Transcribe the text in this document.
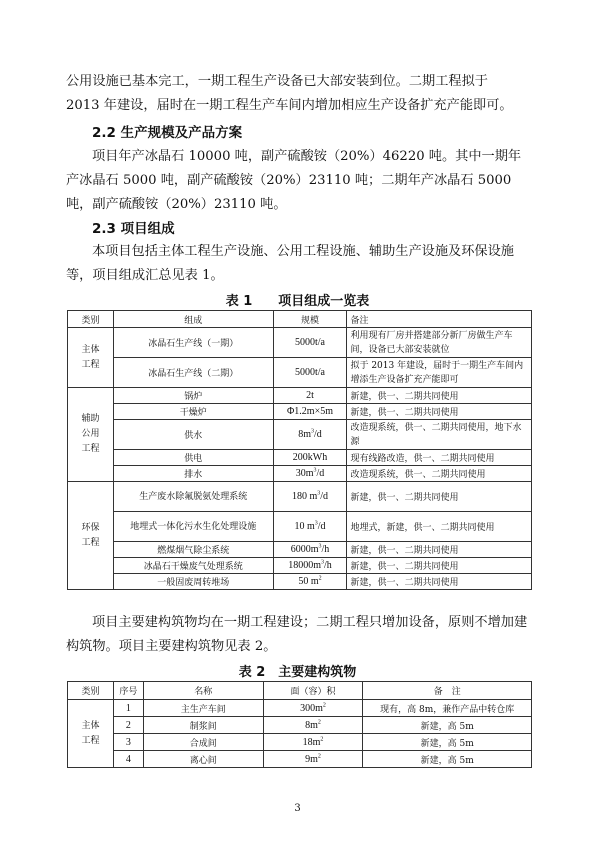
公用设施已基本完工，一期工程生产设备已大部安装到位。二期工程拟于

2013 年建设，届时在一期工程生产车间内增加相应生产设备扩充产能即可。

2.2 生产规模及产品方案

项目年产冰晶石 10000 吨，副产硫酸铵（20%）46220 吨。其中一期年产冰晶石 5000 吨，副产硫酸铵（20%）23110 吨；二期年产冰晶石 5000 吨，副产硫酸铵（20%）23110 吨。

2.3 项目组成

本项目包括主体工程生产设施、公用工程设施、辅助生产设施及环保设施等，项目组成汇总见表 1。

表 1　　项目组成一览表
类别	组成	规模	备注
主体工程	冰晶石生产线（一期）	5000t/a	利用现有厂房并搭建部分新厂房做生产车间，设备已大部安装就位
	冰晶石生产线（二期）	5000t/a	拟于 2013 年建设，届时于一期生产车间内增添生产设备扩充产能即可
辅助公用工程	锅炉	2t	新建，供一、二期共同使用
	干燥炉	Φ1.2m×5m	新建，供一、二期共同使用
	供水	$8m^3/d$	改造现系统，供一、二期共同使用，地下水源
	供电	200kWh	现有线路改造，供一、二期共同使用
	排水	$30m^3/d$	改造现系统，供一、二期共同使用
环保工程	生产废水除氟脱氨处理系统	180 $m^3/d$	新建，供一、二期共同使用
	地埋式一体化污水生化处理设施	10 $m^3/d$	地埋式，新建，供一、二期共同使用
	燃煤烟气除尘系统	$6000m^3/h$	新建，供一、二期共同使用
	冰晶石干燥废气处理系统	$18000m^3/h$	新建，供一、二期共同使用
	一般固废周转堆场	50 $m^2$	新建，供一、二期共同使用

项目主要建构筑物均在一期工程建设；二期工程只增加设备，原则不增加建构筑物。项目主要建构筑物见表 2。

表 2　主要建构筑物
类别	序号	名称	面（容）积	备　注
主体工程	1	主生产车间	$300m^2$	现有，高 8m，兼作产品中转仓库
	2	制浆间	$8m^2$	新建，高 5m
	3	合成间	$18m^2$	新建，高 5m
	4	离心间	$9m^2$	新建，高 5m
3
